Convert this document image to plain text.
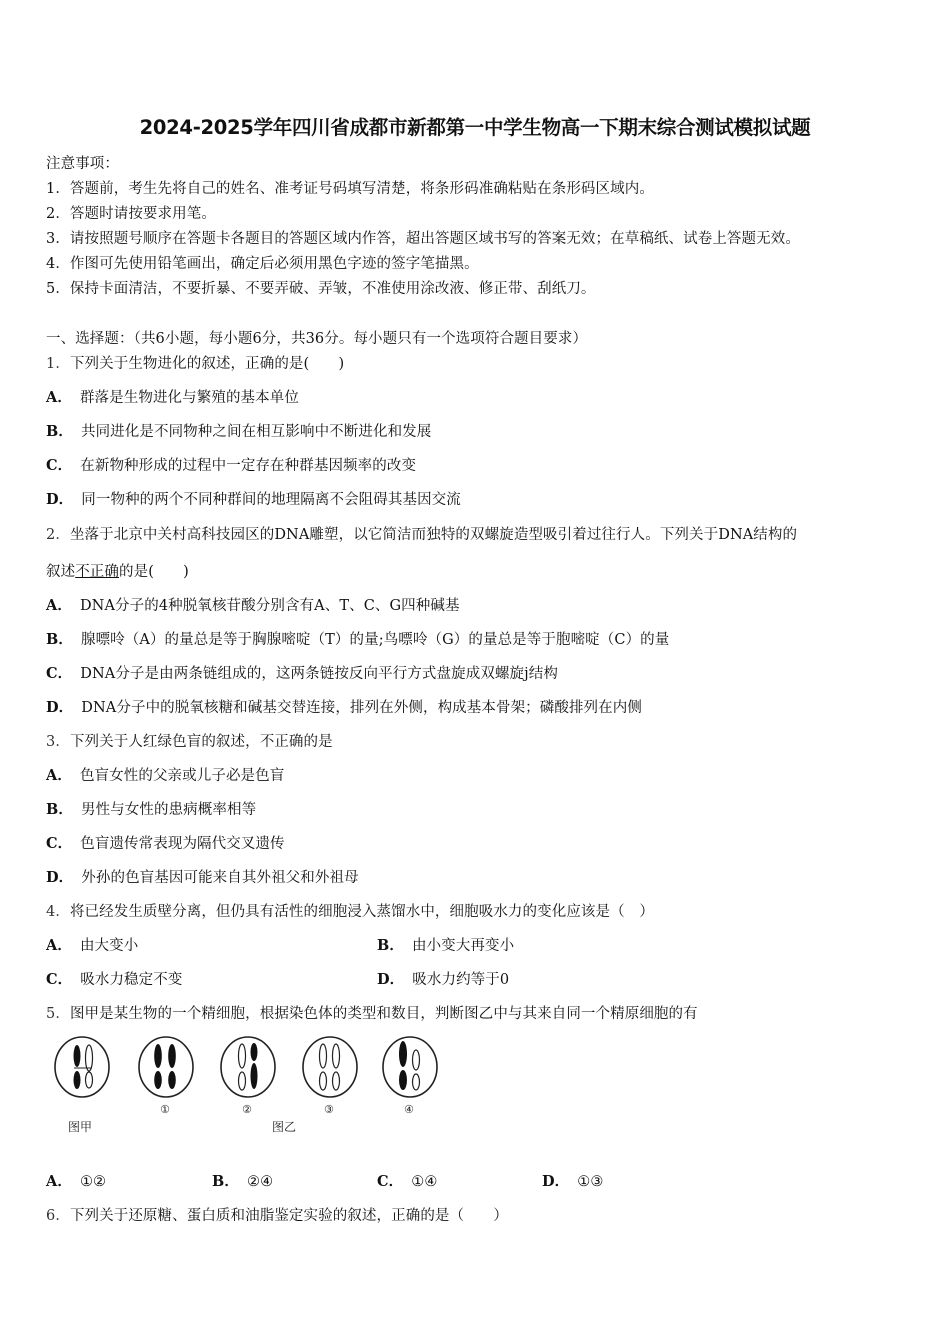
2024-2025学年四川省成都市新都第一中学生物高一下期末综合测试模拟试题
注意事项：
1．答题前，考生先将自己的姓名、准考证号码填写清楚，将条形码准确粘贴在条形码区域内。
2．答题时请按要求用笔。
3．请按照题号顺序在答题卡各题目的答题区域内作答，超出答题区域书写的答案无效；在草稿纸、试卷上答题无效。
4．作图可先使用铅笔画出，确定后必须用黑色字迹的签字笔描黑。
5．保持卡面清洁，不要折暴、不要弄破、弄皱，不准使用涂改液、修正带、刮纸刀。
一、选择题：（共6小题，每小题6分，共36分。每小题只有一个选项符合题目要求）
1．下列关于生物进化的叙述，正确的是(　　)
A． 群落是生物进化与繁殖的基本单位
B． 共同进化是不同物种之间在相互影响中不断进化和发展
C． 在新物种形成的过程中一定存在种群基因频率的改变
D． 同一物种的两个不同种群间的地理隔离不会阻碍其基因交流
2．坐落于北京中关村高科技园区的DNA雕塑，以它简洁而独特的双螺旋造型吸引着过往行人。下列关于DNA结构的
叙述不正确的是(　　)
A． DNA分子的4种脱氧核苷酸分别含有A、T、C、G四种碱基
B． 腺嘌呤（A）的量总是等于胸腺嘧啶（T）的量;鸟嘌呤（G）的量总是等于胞嘧啶（C）的量
C． DNA分子是由两条链组成的，这两条链按反向平行方式盘旋成双螺旋j结构
D． DNA分子中的脱氧核糖和碱基交替连接，排列在外侧，构成基本骨架；磷酸排列在内侧
3．下列关于人红绿色盲的叙述，不正确的是
A． 色盲女性的父亲或儿子必是色盲
B． 男性与女性的患病概率相等
C． 色盲遗传常表现为隔代交叉遗传
D． 外孙的色盲基因可能来自其外祖父和外祖母
4．将已经发生质壁分离，但仍具有活性的细胞浸入蒸馏水中，细胞吸水力的变化应该是（　）
A． 由大变小	B． 由小变大再变小
C． 吸水力稳定不变	D． 吸水力约等于0
5．图甲是某生物的一个精细胞，根据染色体的类型和数目，判断图乙中与其来自同一个精原细胞的有
①	②	③	④
图甲	图乙
A． ①②	B． ②④	C． ①④	D． ①③
6．下列关于还原糖、蛋白质和油脂鉴定实验的叙述，正确的是（　　）
